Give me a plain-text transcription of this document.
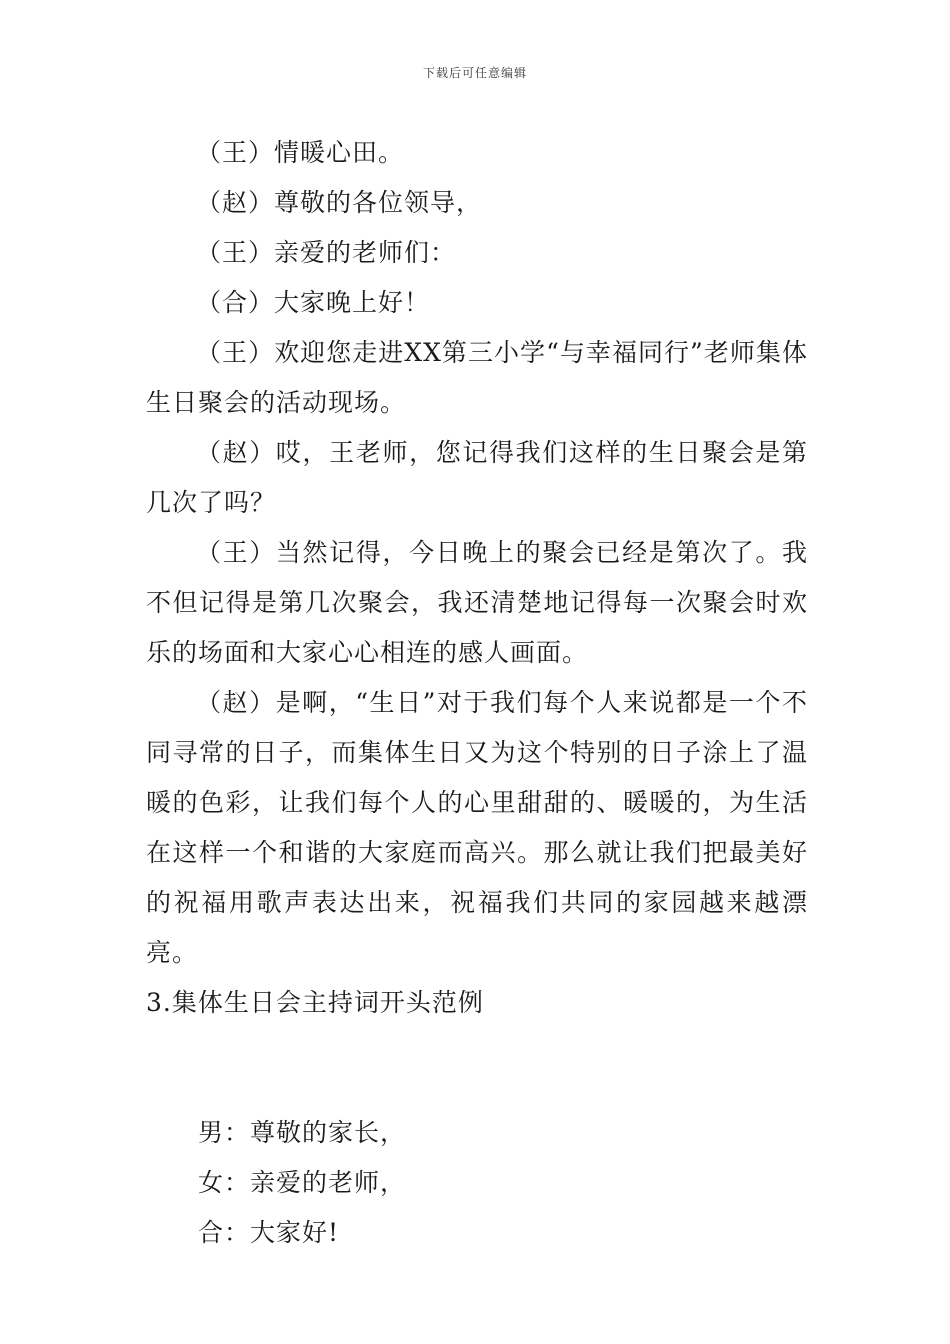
下载后可任意编辑

（王）情暖心田。

（赵）尊敬的各位领导，

（王）亲爱的老师们：

（合）大家晚上好！

（王）欢迎您走进XX第三小学“与幸福同行”老师集体生日聚会的活动现场。

（赵）哎，王老师，您记得我们这样的生日聚会是第几次了吗？

（王）当然记得，今日晚上的聚会已经是第次了。我不但记得是第几次聚会，我还清楚地记得每一次聚会时欢乐的场面和大家心心相连的感人画面。

（赵）是啊，“生日”对于我们每个人来说都是一个不同寻常的日子，而集体生日又为这个特别的日子涂上了温暖的色彩，让我们每个人的心里甜甜的、暖暖的，为生活在这样一个和谐的大家庭而高兴。那么就让我们把最美好的祝福用歌声表达出来，祝福我们共同的家园越来越漂亮。

3.集体生日会主持词开头范例

男：尊敬的家长，

女：亲爱的老师，

合：大家好!
